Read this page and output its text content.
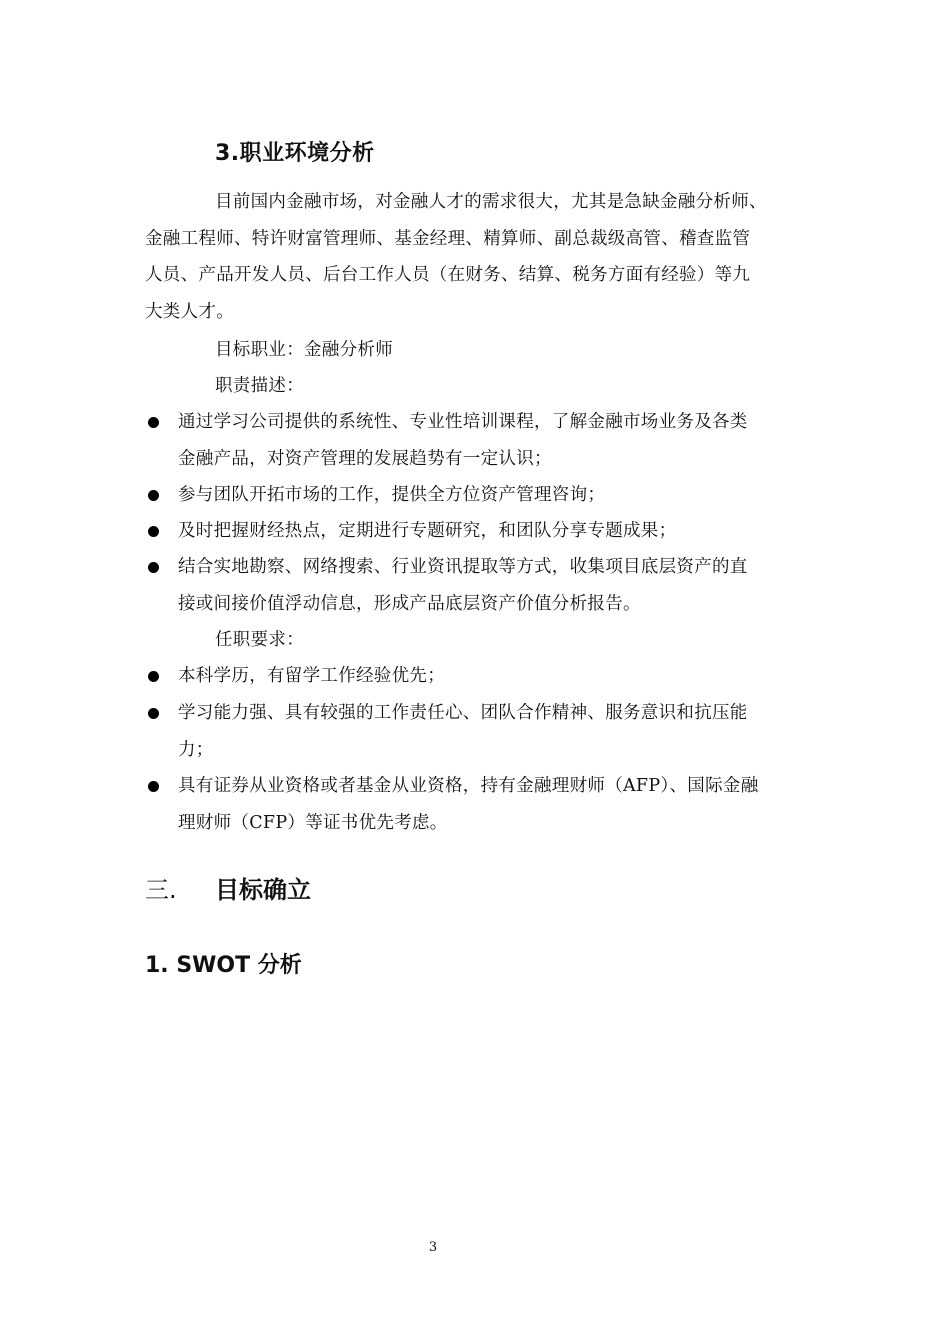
3.职业环境分析
目前国内金融市场，对金融人才的需求很大，尤其是急缺金融分析师、
金融工程师、特许财富管理师、基金经理、精算师、副总裁级高管、稽查监管
人员、产品开发人员、后台工作人员（在财务、结算、税务方面有经验）等九
大类人才。
目标职业：金融分析师
职责描述：
通过学习公司提供的系统性、专业性培训课程，了解金融市场业务及各类
金融产品，对资产管理的发展趋势有一定认识；
参与团队开拓市场的工作，提供全方位资产管理咨询；
及时把握财经热点，定期进行专题研究，和团队分享专题成果；
结合实地勘察、网络搜索、行业资讯提取等方式，收集项目底层资产的直
接或间接价值浮动信息，形成产品底层资产价值分析报告。
任职要求：
本科学历，有留学工作经验优先；
学习能力强、具有较强的工作责任心、团队合作精神、服务意识和抗压能
力；
具有证券从业资格或者基金从业资格，持有金融理财师（AFP）、国际金融
理财师（CFP）等证书优先考虑。
三. 目标确立
1. SWOT 分析
3
